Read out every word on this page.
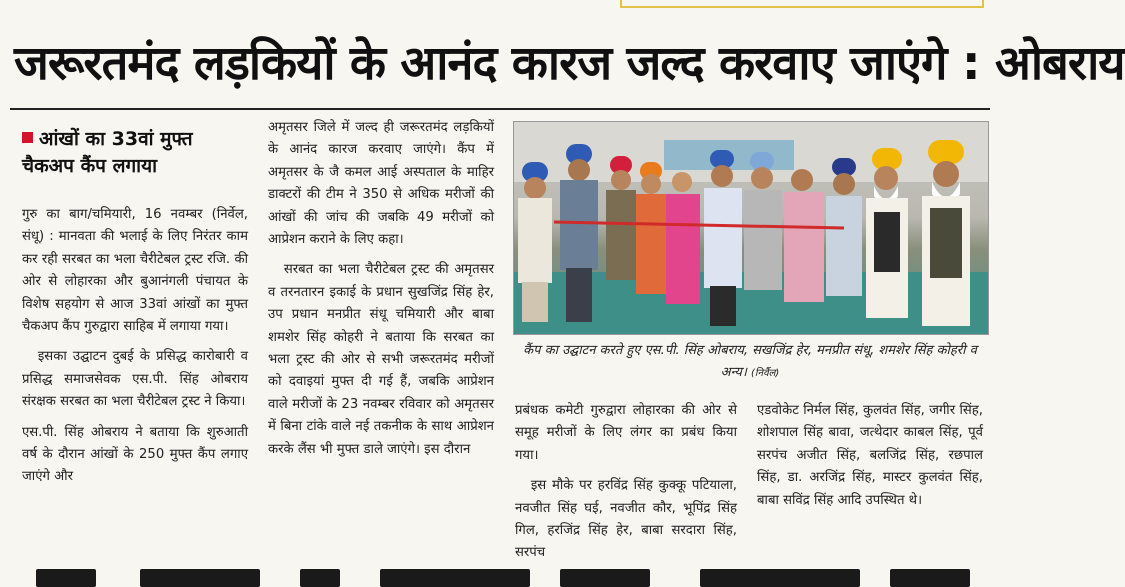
जरूरतमंद लड़कियों के आनंद कारज जल्द करवाए जाएंगे : ओबराय
आंखों का 33वां मुफ्त चैकअप कैंप लगाया

गुरु का बाग/चमियारी, 16 नवम्बर (निर्वेल, संधू) : मानवता की भलाई के लिए निरंतर काम कर रही सरबत का भला चैरीटेबल ट्रस्ट रजि. की ओर से लोहारका और बुआनंगली पंचायत के विशेष सहयोग से आज 33वां आंखों का मुफ्त चैकअप कैंप गुरुद्वारा साहिब में लगाया गया।

इसका उद्घाटन दुबई के प्रसिद्ध कारोबारी व प्रसिद्ध समाजसेवक एस.पी. सिंह ओबराय संरक्षक सरबत का भला चैरीटेबल ट्रस्ट ने किया।

एस.पी. सिंह ओबराय ने बताया कि शुरुआती वर्ष के दौरान आंखों के 250 मुफ्त कैंप लगाए जाएंगे और

अमृतसर जिले में जल्द ही जरूरतमंद लड़कियों के आनंद कारज करवाए जाएंगे। कैंप में अमृतसर के जै कमल आई अस्पताल के माहिर डाक्टरों की टीम ने 350 से अधिक मरीजों की आंखों की जांच की जबकि 49 मरीजों को आप्रेशन कराने के लिए कहा।

सरबत का भला चैरीटेबल ट्रस्ट की अमृतसर व तरनतारन इकाई के प्रधान सुखजिंद्र सिंह हेर, उप प्रधान मनप्रीत संधू चमियारी और बाबा शमशेर सिंह कोहरी ने बताया कि सरबत का भला ट्रस्ट की ओर से सभी जरूरतमंद मरीजों को दवाइयां मुफ्त दी गई हैं, जबकि आप्रेशन वाले मरीजों के 23 नवम्बर रविवार को अमृतसर में बिना टांके वाले नई तकनीक के साथ आप्रेशन करके लैंस भी मुफ्त डाले जाएंगे। इस दौरान

कैंप का उद्घाटन करते हुए एस.पी. सिंह ओबराय, सखजिंद्र हेर, मनप्रीत संधू, शमशेर सिंह कोहरी व अन्य। (निर्वैल)

प्रबंधक कमेटी गुरुद्वारा लोहारका की ओर से समूह मरीजों के लिए लंगर का प्रबंध किया गया।

इस मौके पर हरविंद्र सिंह कुक्कू पटियाला, नवजीत सिंह घई, नवजीत कौर, भूपिंद्र सिंह गिल, हरजिंद्र सिंह हेर, बाबा सरदारा सिंह, सरपंच

एडवोकेट निर्मल सिंह, कुलवंत सिंह, जगीर सिंह, शोशपाल सिंह बावा, जत्थेदार काबल सिंह, पूर्व सरपंच अजीत सिंह, बलजिंद्र सिंह, रछपाल सिंह, डा. अरजिंद्र सिंह, मास्टर कुलवंत सिंह, बाबा सविंद्र सिंह आदि उपस्थित थे।
